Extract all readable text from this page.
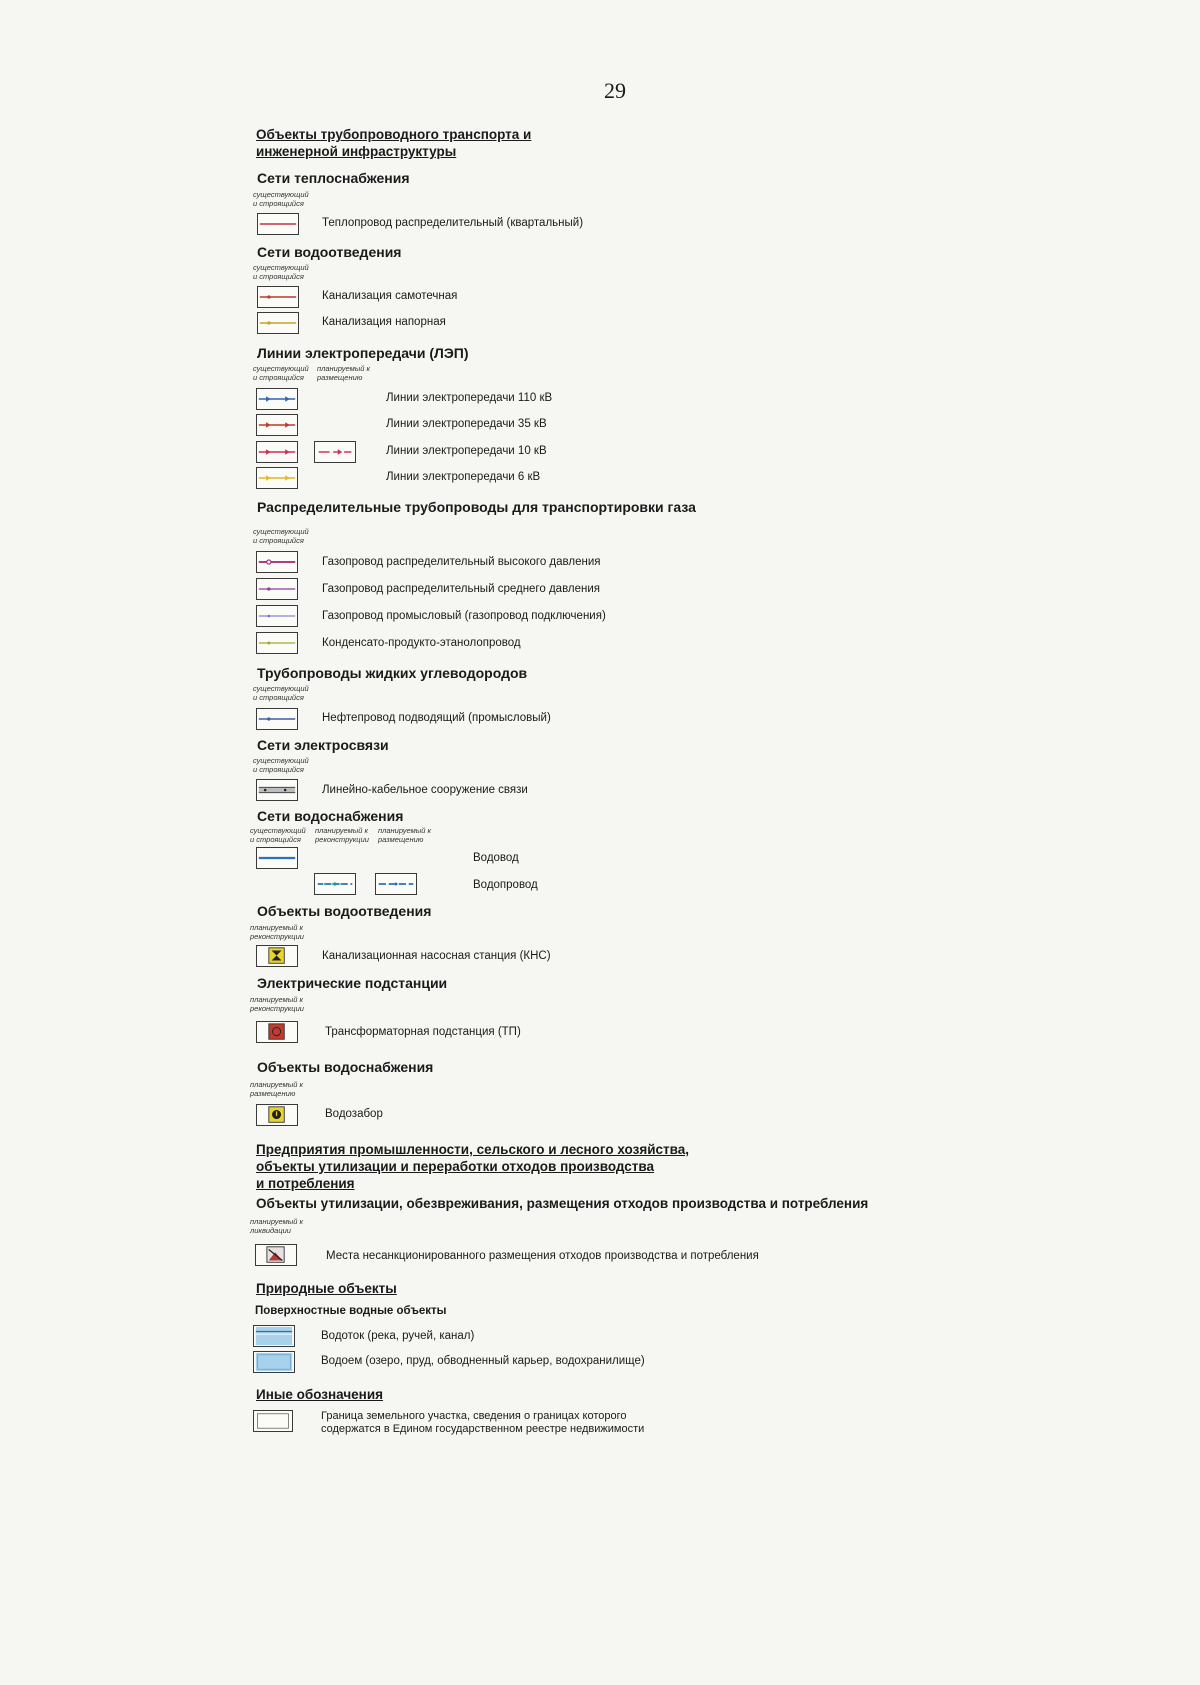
29
Объекты трубопроводного транспорта и
инженерной инфраструктуры
Сети теплоснабжения
существующий
и строящийся
Теплопровод распределительный (квартальный)
Сети водоотведения
существующий
и строящийся
Канализация самотечная
Канализация напорная
Линии электропередачи (ЛЭП)
существующий
и строящийся
планируемый к
размещению
Линии электропередачи 110 кВ
Линии электропередачи 35 кВ
Линии электропередачи 10 кВ
Линии электропередачи 6 кВ
Распределительные трубопроводы для транспортировки газа
существующий
и строящийся
Газопровод распределительный высокого давления
Газопровод распределительный среднего давления
Газопровод промысловый (газопровод подключения)
Конденсато-продукто-этанолопровод
Трубопроводы жидких углеводородов
существующий
и строящийся
Нефтепровод подводящий (промысловый)
Сети электросвязи
существующий
и строящийся
Линейно-кабельное сооружение связи
Сети водоснабжения
существующий
и строящийся
планируемый к
реконструкции
планируемый к
размещению
Водовод
Водопровод
Объекты водоотведения
планируемый к
реконструкции
Канализационная насосная станция (КНС)
Электрические подстанции
планируемый к
реконструкции
Трансформаторная подстанция (ТП)
Объекты водоснабжения
планируемый к
размещению
Водозабор
Предприятия промышленности, сельского и лесного хозяйства,
объекты утилизации и переработки отходов производства
и потребления
Объекты утилизации, обезвреживания, размещения отходов производства и потребления
планируемый к
ликвидации
Места несанкционированного размещения отходов производства и потребления
Природные объекты
Поверхностные водные объекты
Водоток (река, ручей, канал)
Водоем (озеро, пруд, обводненный карьер, водохранилище)
Иные обозначения
Граница земельного участка, сведения о границах которого
содержатся в Едином государственном реестре недвижимости
